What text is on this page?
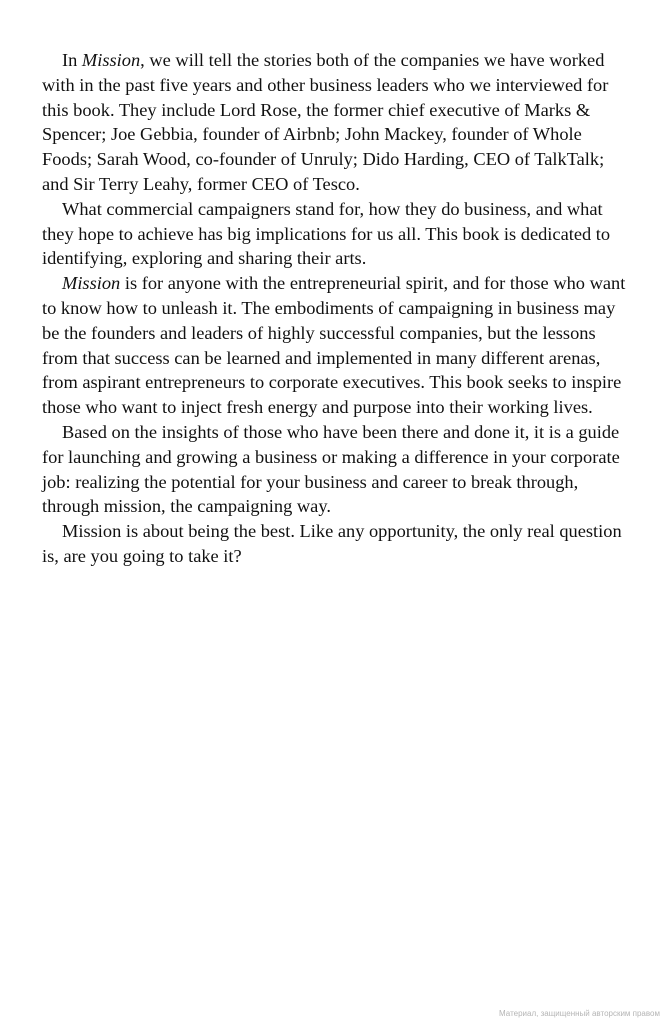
In Mission, we will tell the stories both of the companies we have worked with in the past five years and other business leaders who we interviewed for this book. They include Lord Rose, the former chief executive of Marks & Spencer; Joe Gebbia, founder of Airbnb; John Mackey, founder of Whole Foods; Sarah Wood, co-founder of Unruly; Dido Harding, CEO of TalkTalk; and Sir Terry Leahy, former CEO of Tesco.

What commercial campaigners stand for, how they do business, and what they hope to achieve has big implications for us all. This book is dedicated to identifying, exploring and sharing their arts.

Mission is for anyone with the entrepreneurial spirit, and for those who want to know how to unleash it. The embodiments of campaigning in business may be the founders and leaders of highly successful companies, but the lessons from that success can be learned and implemented in many different arenas, from aspirant entrepreneurs to corporate executives. This book seeks to inspire those who want to inject fresh energy and purpose into their working lives.

Based on the insights of those who have been there and done it, it is a guide for launching and growing a business or making a difference in your corporate job: realizing the potential for your business and career to break through, through mission, the campaigning way.

Mission is about being the best. Like any opportunity, the only real question is, are you going to take it?

Материал, защищенный авторским правом
